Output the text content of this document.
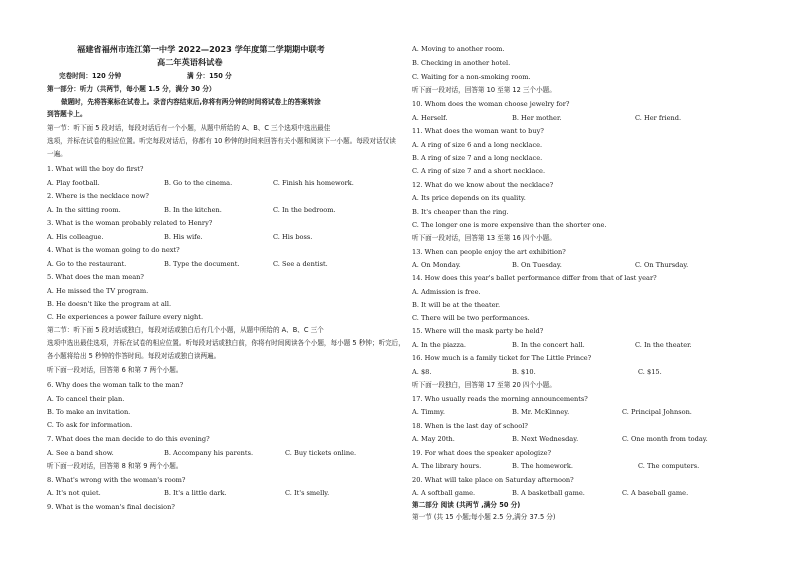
福建省福州市连江第一中学 2022—2023 学年度第二学期期中联考
高二年英语科试卷
完卷时间：120 分钟	满 分：150 分
第一部分：听力（共两节，每小题 1.5 分，满分 30 分）
做题时，先将答案标在试卷上。录音内容结束后,你将有两分钟的时间将试卷上的答案转涂
到答题卡上。
第一节：听下面 5 段对话，每段对话后有一个小题，从题中所给的 A、B、C 三个选项中选出最佳
选项，并标在试卷的相应位置。听完每段对话后，你都有 10 秒钟的时间来回答有关小题和阅读下一小题。每段对话仅读
一遍。
1. What will the boy do first?
A. Play football.	B. Go to the cinema.	C. Finish his homework.
2. Where is the necklace now?
A. In the sitting room.	B. In the kitchen.	C. In the bedroom.
3. What is the woman probably related to Henry?
A. His colleague.	B. His wife.	C. His boss.
4. What is the woman going to do next?
A. Go to the restaurant.	B. Type the document.	C. See a dentist.
5. What does the man mean?
A. He missed the TV program.
B. He doesn't like the program at all.
C. He experiences a power failure every night.
第二节：听下面 5 段对话或独白，每段对话或独白后有几个小题，从题中所给的 A、B、C 三个
选项中选出最佳选项，并标在试卷的相应位置。听每段对话或独白前，你将有时间阅读各个小题，每小题 5 秒钟；听完后，
各小题将给出 5 秒钟的作答时间。每段对话或独白读两遍。
听下面一段对话，回答第 6 和第 7 两个小题。
6. Why does the woman talk to the man?
A. To cancel their plan.
B. To make an invitation.
C. To ask for information.
7. What does the man decide to do this evening?
A. See a band show.	B. Accompany his parents.	C. Buy tickets online.
听下面一段对话，回答第 8 和第 9 两个小题。
8. What's wrong with the woman's room?
A. It's not quiet.	B. It's a little dark.	C. It's smelly.
9. What is the woman's final decision?
A. Moving to another room.
B. Checking in another hotel.
C. Waiting for a non-smoking room.
听下面一段对话，回答第 10 至第 12 三个小题。
10. Whom does the woman choose jewelry for?
A. Herself.	B. Her mother.	C. Her friend.
11. What does the woman want to buy?
A. A ring of size 6 and a long necklace.
B. A ring of size 7 and a long necklace.
C. A ring of size 7 and a short necklace.
12. What do we know about the necklace?
A. Its price depends on its quality.
B. It's cheaper than the ring.
C. The longer one is more expensive than the shorter one.
听下面一段对话，回答第 13 至第 16 四个小题。
13. When can people enjoy the art exhibition?
A. On Monday.	B. On Tuesday.	C. On Thursday.
14. How does this year's ballet performance differ from that of last year?
A. Admission is free.
B. It will be at the theater.
C. There will be two performances.
15. Where will the mask party be held?
A. In the piazza.	B. In the concert hall.	C. In the theater.
16. How much is a family ticket for The Little Prince?
A. $8.	B. $10.	C. $15.
听下面一段独白，回答第 17 至第 20 四个小题。
17. Who usually reads the morning announcements?
A. Timmy.	B. Mr. McKinney.	C. Principal Johnson.
18. When is the last day of school?
A. May 20th.	B. Next Wednesday.	C. One month from today.
19. For what does the speaker apologize?
A. The library hours.	B. The homework.	C. The computers.
20. What will take place on Saturday afternoon?
A. A softball game.	B. A basketball game.	C. A baseball game.
第二部分 阅读 (共两节 ,满分 50 分)
第一节 (共 15 小题;每小题 2.5 分,满分 37.5 分)
